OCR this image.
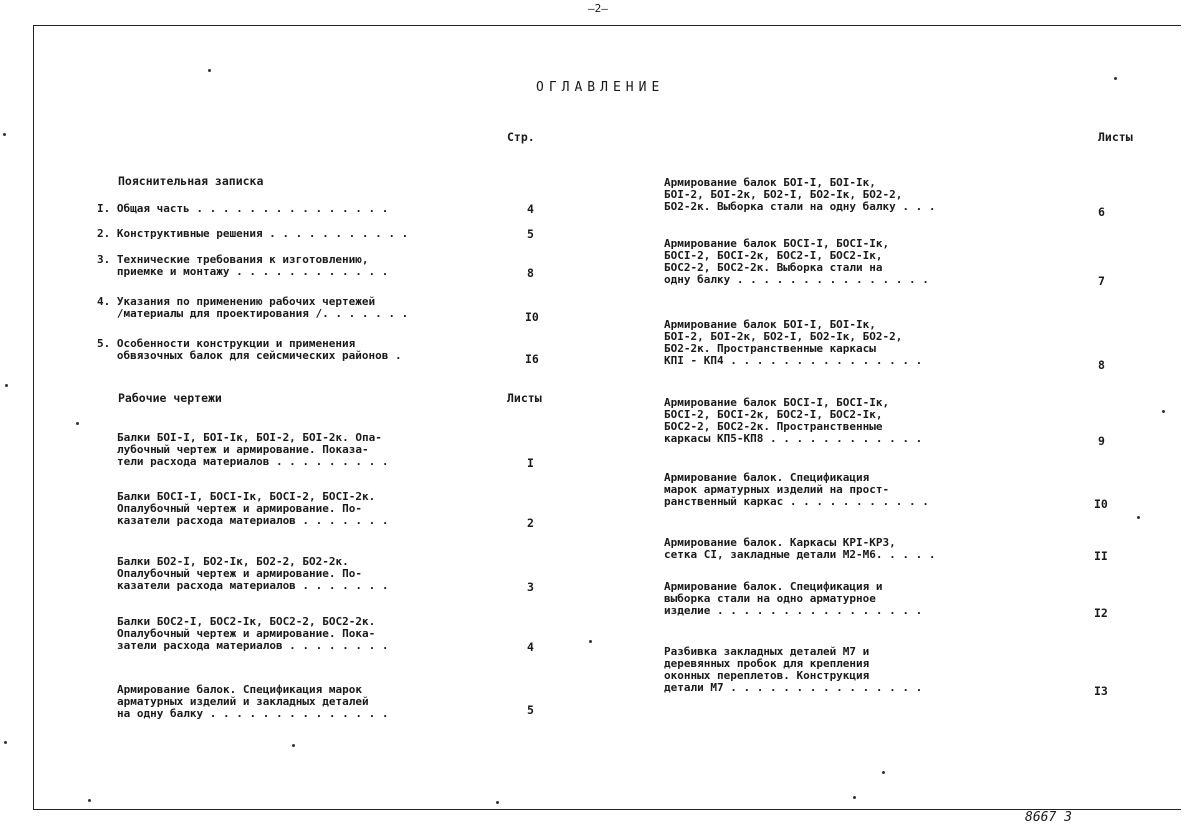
—2—
ОГЛАВЛЕНИЕ
Стр.
Пояснительная записка
I. Общая часть . . . . . . . . . . . . . . .	4
2. Конструктивные решения . . . . . . . . . . .	5
3. Технические требования к изготовлению,
приемке и монтажу . . . . . . . . . . . .	8
4. Указания по применению рабочих чертежей
/материалы для проектирования /. . . . . . .	I0
5. Особенности конструкции и применения
обвязочных балок для сейсмических районов .	I6
Рабочие чертежи	Листы
Балки БОI-I, БОI-Iк, БОI-2, БОI-2к. Опа-
лубочный чертеж и армирование. Показа-
тели расхода материалов . . . . . . . . .	I
Балки БОСI-I, БОСI-Iк, БОСI-2, БОСI-2к.
Опалубочный чертеж и армирование. По-
казатели расхода материалов . . . . . . .	2
Балки БО2-I, БО2-Iк, БО2-2, БО2-2к.
Опалубочный чертеж и армирование. По-
казатели расхода материалов . . . . . . .	3
Балки БОС2-I, БОС2-Iк, БОС2-2, БОС2-2к.
Опалубочный чертеж и армирование. Пока-
затели расхода материалов . . . . . . . .	4
Армирование балок. Спецификация марок
арматурных изделий и закладных деталей
на одну балку . . . . . . . . . . . . . .	5
Листы
Армирование балок БОI-I, БОI-Iк,
БОI-2, БОI-2к, БО2-I, БО2-Iк, БО2-2,
БО2-2к. Выборка стали на одну балку . . .	6
Армирование балок БОСI-I, БОСI-Iк,
БОСI-2, БОСI-2к, БОС2-I, БОС2-Iк,
БОС2-2, БОС2-2к. Выборка стали на
одну балку . . . . . . . . . . . . . . .	7
Армирование балок БОI-I, БОI-Iк,
БОI-2, БОI-2к, БО2-I, БО2-Iк, БО2-2,
БО2-2к. Пространственные каркасы
КПI - КП4 . . . . . . . . . . . . . . .	8
Армирование балок БОСI-I, БОСI-Iк,
БОСI-2, БОСI-2к, БОС2-I, БОС2-Iк,
БОС2-2, БОС2-2к. Пространственные
каркасы КП5-КП8 . . . . . . . . . . . .	9
Армирование балок. Спецификация
марок арматурных изделий на прост-
ранственный каркас . . . . . . . . . . .	I0
Армирование балок. Каркасы КРI-КР3,
сетка СI, закладные детали М2-М6. . . . .	II
Армирование балок. Спецификация и
выборка стали на одно арматурное
изделие . . . . . . . . . . . . . . . .	I2
Разбивка закладных деталей М7 и
деревянных пробок для крепления
оконных переплетов. Конструкция
детали М7 . . . . . . . . . . . . . . .	I3
8667 3
